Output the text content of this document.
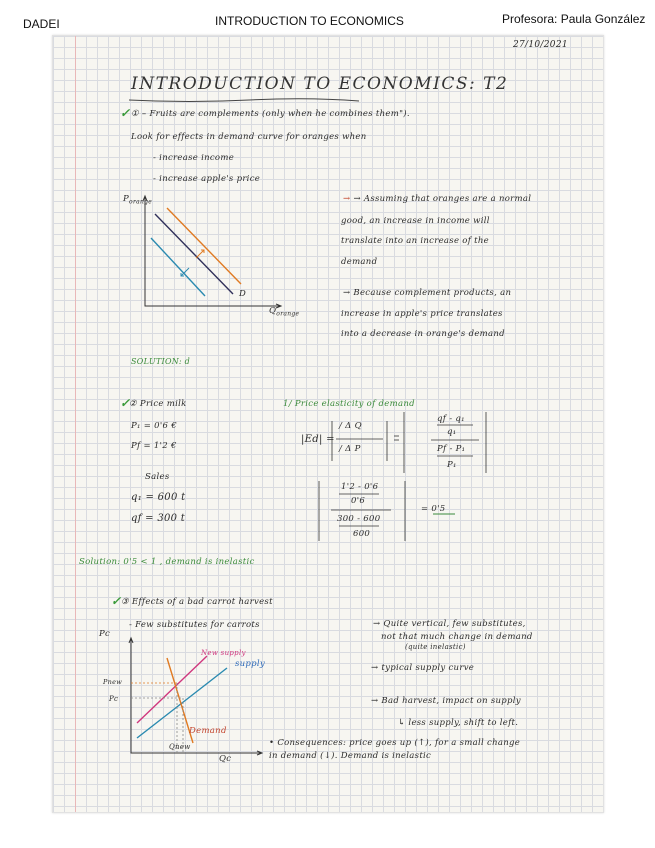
DADEI	INTRODUCTION TO ECONOMICS	Profesora: Paula González
27/10/2021
INTRODUCTION TO ECONOMICS: T2
✓ ① – Fruits are complements (only when he combines them").
Look for effects in demand curve for oranges when
- increase income
- increase apple's price
$P_{orange}$
D
$Q_{orange}$
→ → Assuming that oranges are a normal
good, an increase in income will
translate into an increase of the
demand
→ Because complement products, an
increase in apple's price translates
into a decrease in orange's demand
SOLUTION: d
✓
② Price milk
P₁ = 0'6 €
Pf = 1'2 €
Sales
q₁ = 600 t
qf = 300 t
1/ Price elasticity of demand
|Ed| =
/ Δ Q
/ Δ P
qf - q₁
q₁
Pf - P₁
P₁
1'2 - 0'6
0'6
300 - 600
600
= 0'5
Solution: 0'5 < 1 , demand is inelastic
✓ ③ Effects of a bad carrot harvest
- Few substitutes for carrots
Pc
Pnew
Pc
New supply
supply
Demand
Qnew
Qc
→ Quite vertical, few substitutes,
not that much change in demand
(quite inelastic)
→ typical supply curve
→ Bad harvest, impact on supply
↳ less supply, shift to left.
• Consequences: price goes up (↑), for a small change
in demand (↓). Demand is inelastic
